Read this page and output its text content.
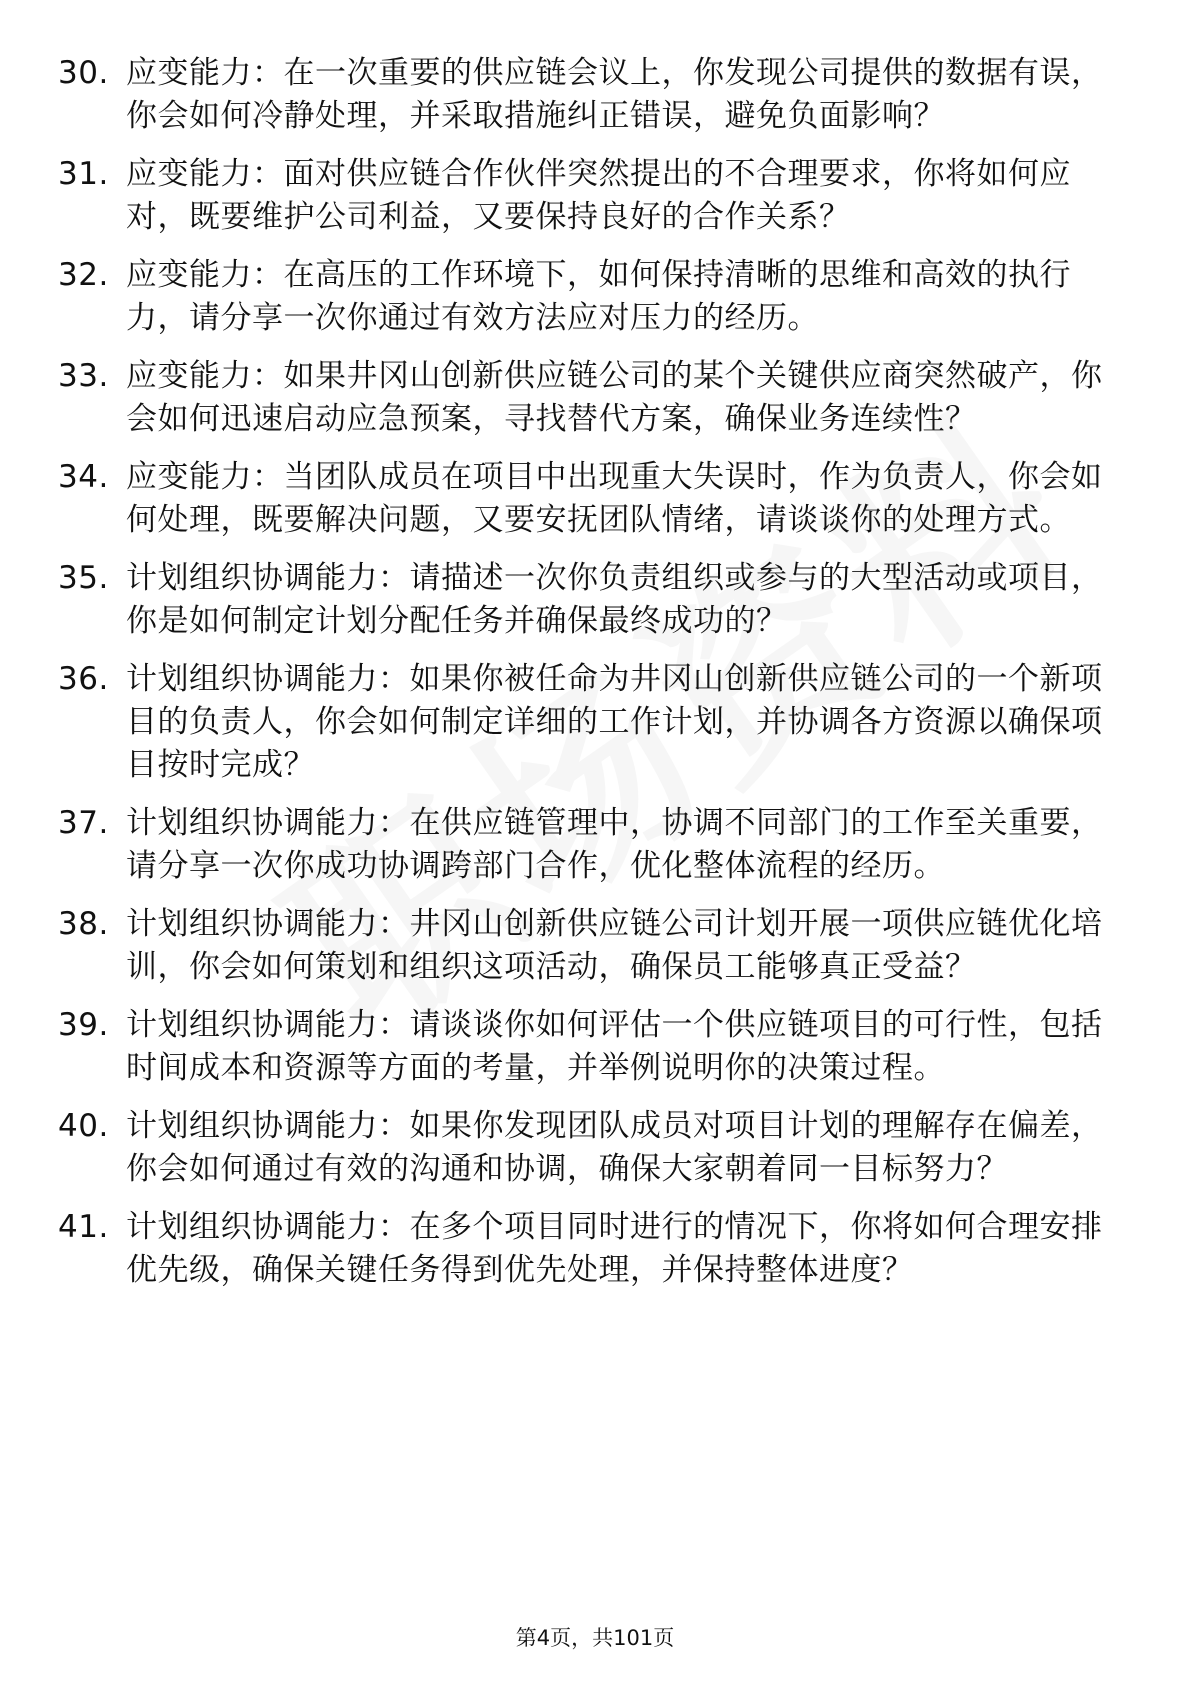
30. 应变能力：在一次重要的供应链会议上，你发现公司提供的数据有误，你会如何冷静处理，并采取措施纠正错误，避免负面影响？
31. 应变能力：面对供应链合作伙伴突然提出的不合理要求，你将如何应对，既要维护公司利益，又要保持良好的合作关系？
32. 应变能力：在高压的工作环境下，如何保持清晰的思维和高效的执行力，请分享一次你通过有效方法应对压力的经历。
33. 应变能力：如果井冈山创新供应链公司的某个关键供应商突然破产，你会如何迅速启动应急预案，寻找替代方案，确保业务连续性？
34. 应变能力：当团队成员在项目中出现重大失误时，作为负责人，你会如何处理，既要解决问题，又要安抚团队情绪，请谈谈你的处理方式。
35. 计划组织协调能力：请描述一次你负责组织或参与的大型活动或项目，你是如何制定计划分配任务并确保最终成功的？
36. 计划组织协调能力：如果你被任命为井冈山创新供应链公司的一个新项目的负责人，你会如何制定详细的工作计划，并协调各方资源以确保项目按时完成？
37. 计划组织协调能力：在供应链管理中，协调不同部门的工作至关重要，请分享一次你成功协调跨部门合作，优化整体流程的经历。
38. 计划组织协调能力：井冈山创新供应链公司计划开展一项供应链优化培训，你会如何策划和组织这项活动，确保员工能够真正受益？
39. 计划组织协调能力：请谈谈你如何评估一个供应链项目的可行性，包括时间成本和资源等方面的考量，并举例说明你的决策过程。
40. 计划组织协调能力：如果你发现团队成员对项目计划的理解存在偏差，你会如何通过有效的沟通和协调，确保大家朝着同一目标努力？
41. 计划组织协调能力：在多个项目同时进行的情况下，你将如何合理安排优先级，确保关键任务得到优先处理，并保持整体进度？
第4页，共101页
